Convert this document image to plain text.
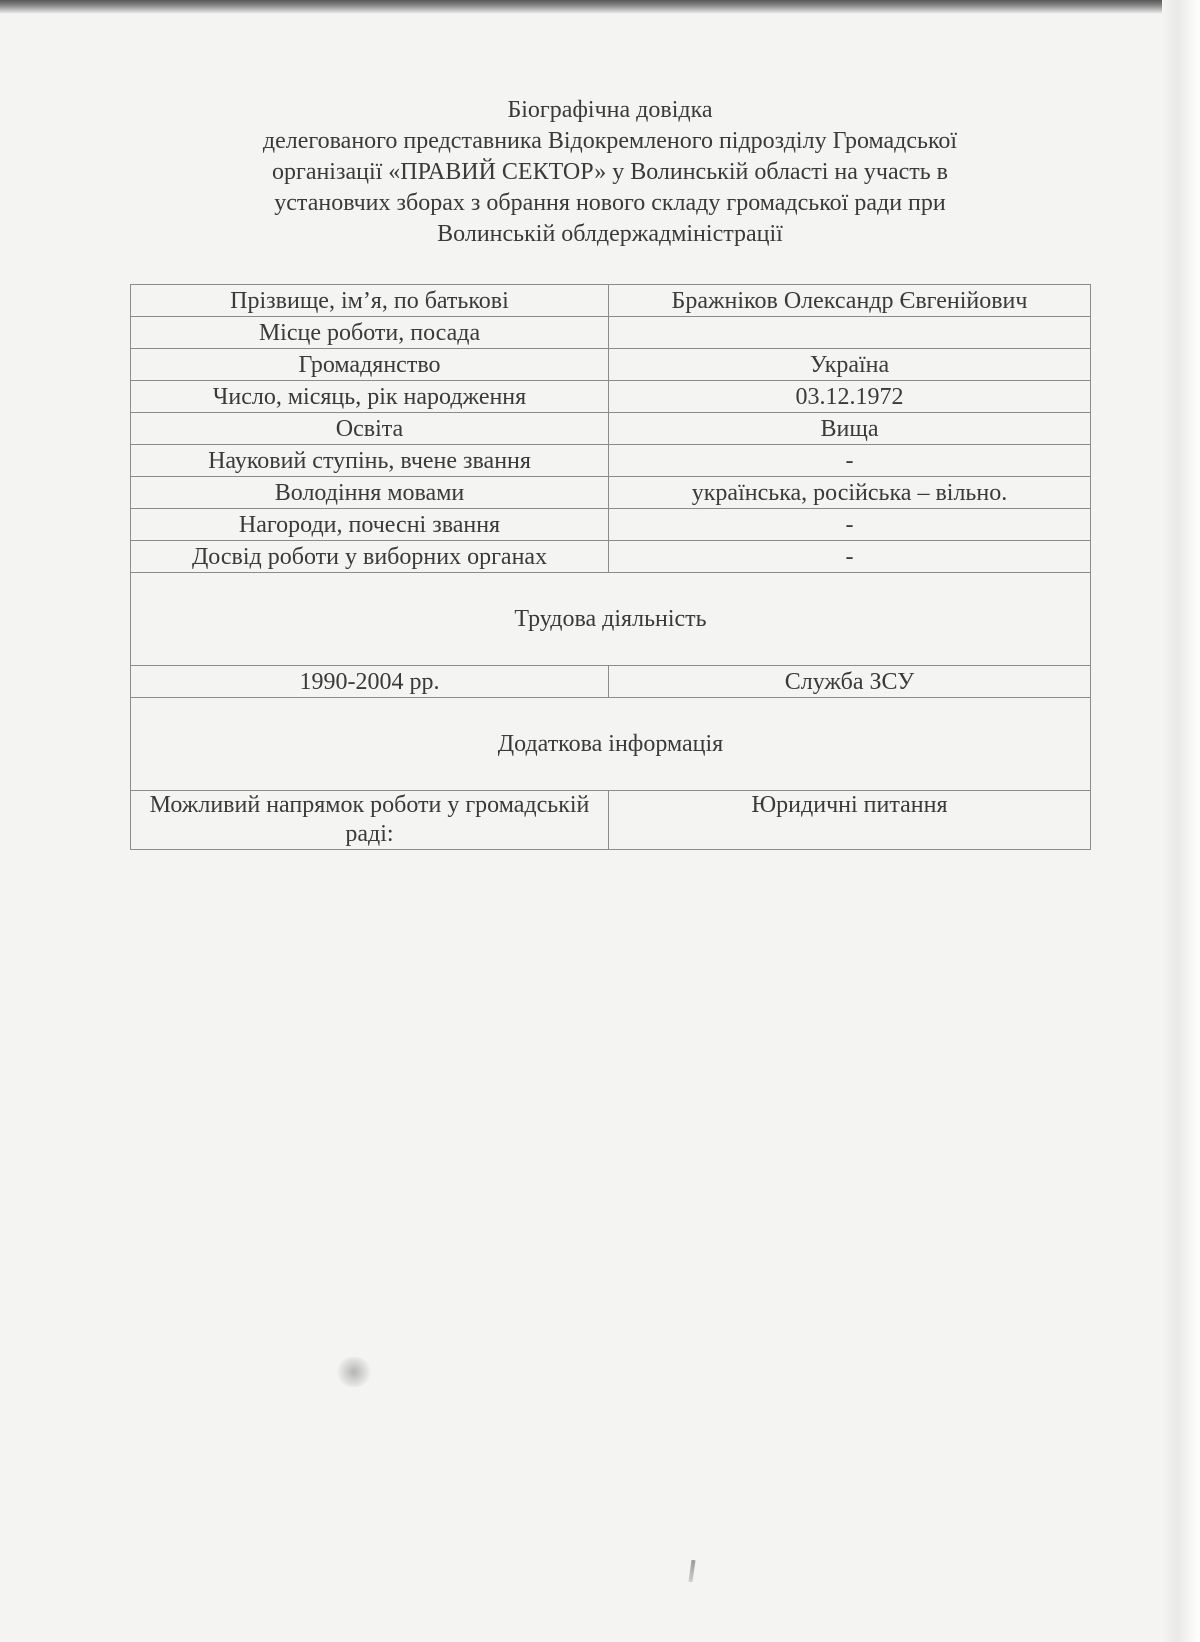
Біографічна довідка
делегованого представника Відокремленого підрозділу Громадської
організації «ПРАВИЙ СЕКТОР» у Волинській області на участь в
установчих зборах з обрання нового складу громадської ради при
Волинській облдержадміністрації
Прізвище, ім’я, по батькові	Бражніков Олександр Євгенійович
Місце роботи, посада	
Громадянство	Україна
Число, місяць, рік народження	03.12.1972
Освіта	Вища
Науковий ступінь, вчене звання	-
Володіння мовами	українська, російська – вільно.
Нагороди, почесні звання	-
Досвід роботи у виборних органах	-
Трудова діяльність	
1990-2004 рр.	Служба ЗСУ
Додаткова інформація	
Можливий напрямок роботи у громадській раді:	Юридичні питання
